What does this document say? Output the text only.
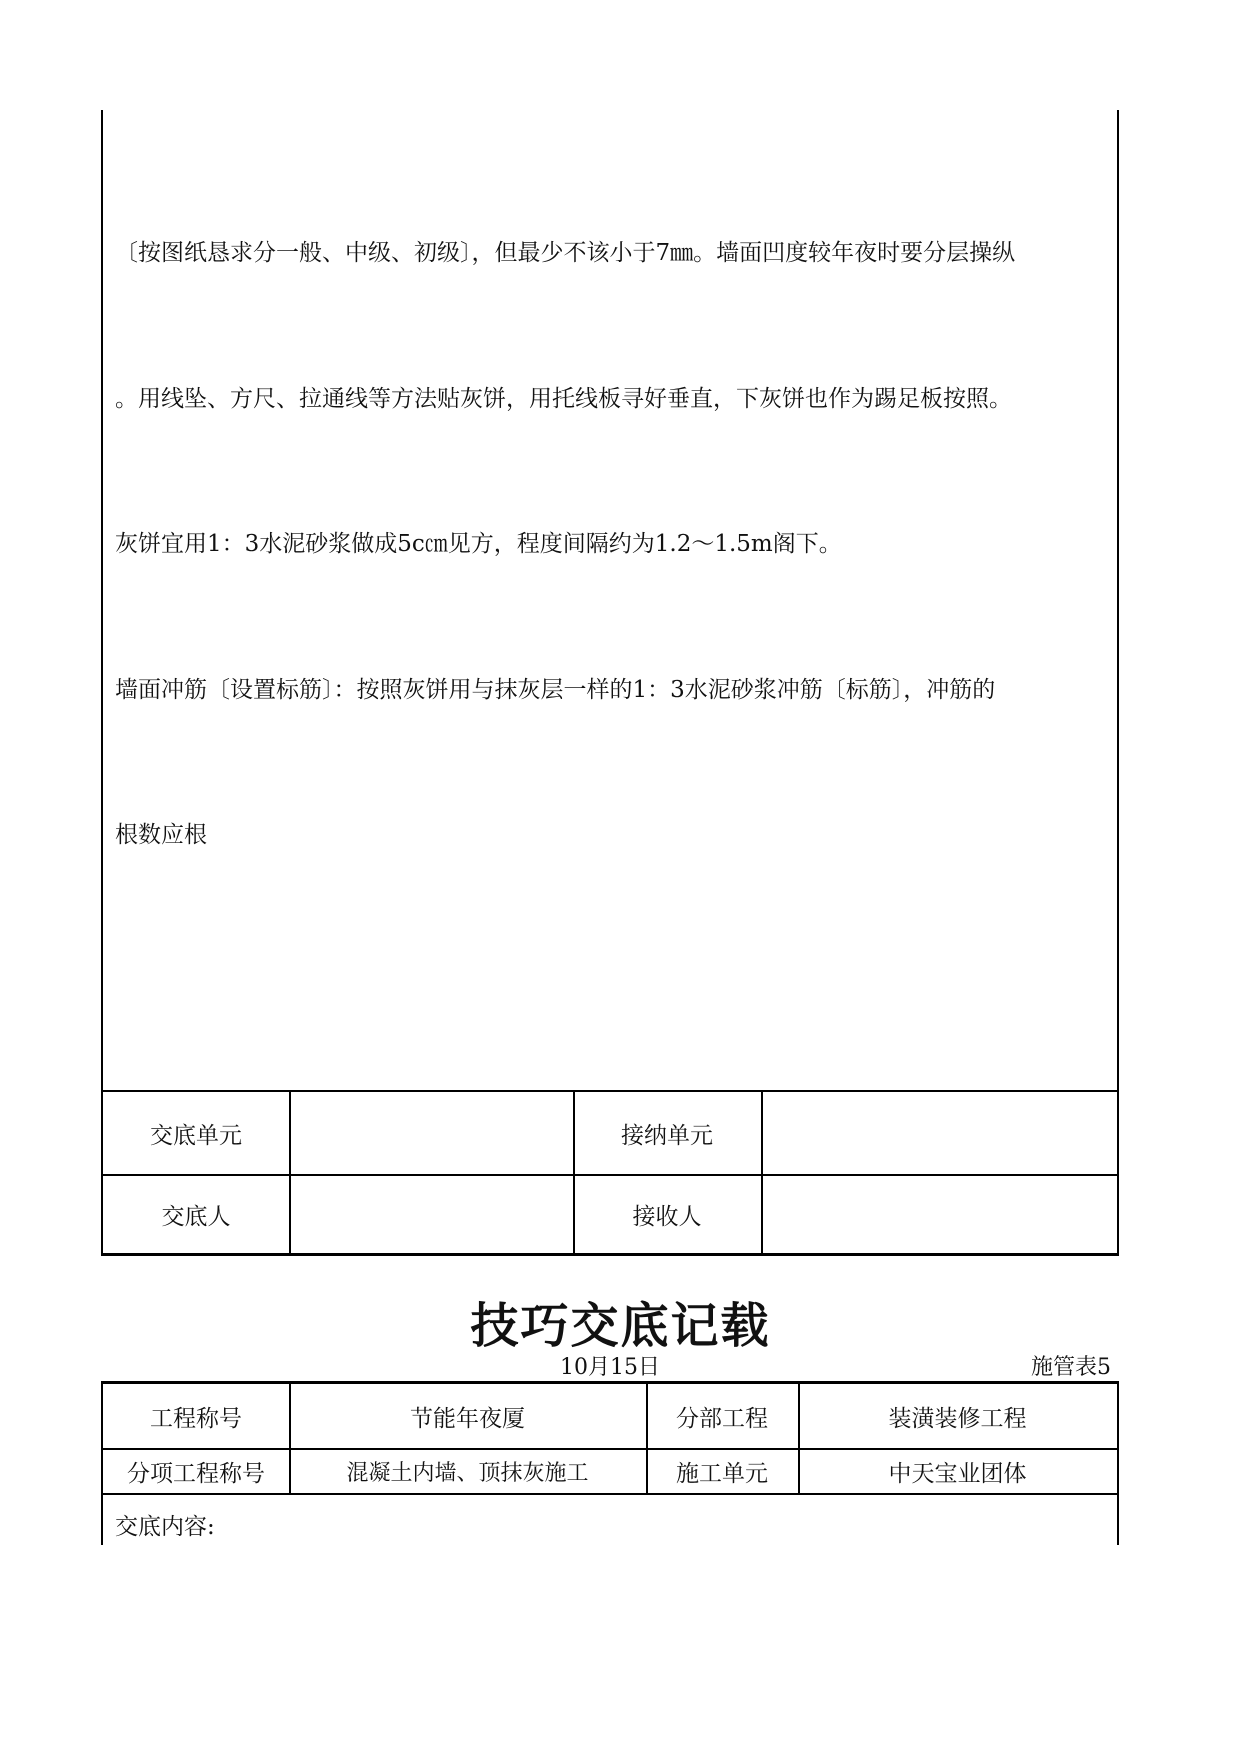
〔按图纸恳求分一般、中级、初级〕，但最少不该小于7㎜。墙面凹度较年夜时要分层操纵

。用线坠、方尺、拉通线等方法贴灰饼，用托线板寻好垂直，下灰饼也作为踢足板按照。

灰饼宜用1：3水泥砂浆做成5c㎝见方，程度间隔约为1.2～1.5m阁下。

墙面冲筋〔设置标筋〕：按照灰饼用与抹灰层一样的1：3水泥砂浆冲筋〔标筋〕，冲筋的

根数应根

交底单元	接纳单元
交底人	接收人
技巧交底记载
10月15日	施管表5
工程称号	节能年夜厦	分部工程	装潢装修工程
分项工程称号	混凝土内墙、顶抹灰施工	施工单元	中天宝业团体
交底内容:
